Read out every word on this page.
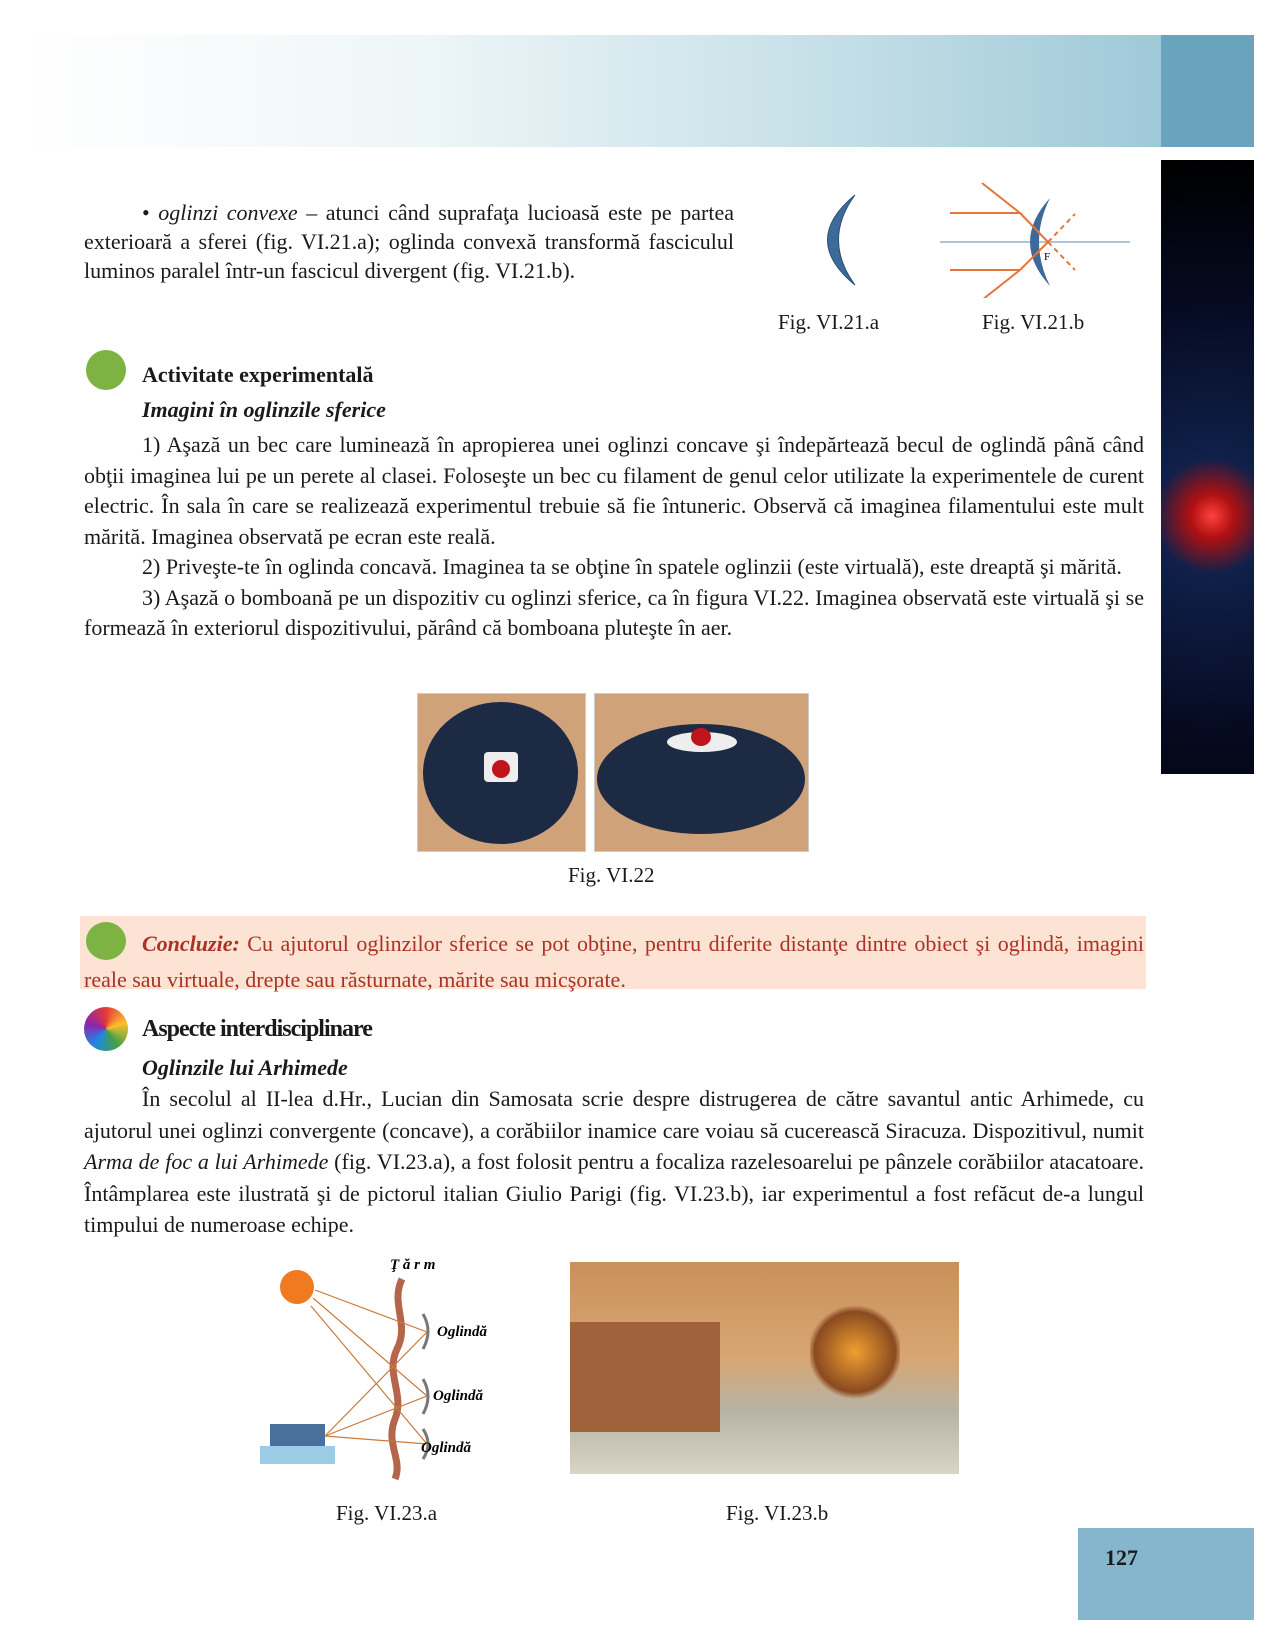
• oglinzi convexe – atunci când suprafaţa lucioasă este pe partea exterioară a sferei (fig. VI.21.a); oglinda convexă transformă fasciculul luminos paralel într-un fascicul divergent (fig. VI.21.b).

F
Fig. VI.21.a	Fig. VI.21.b
Activitate experimentală
Imagini în oglinzile sferice

1) Aşază un bec care luminează în apropierea unei oglinzi concave şi îndepărtează becul de oglindă până când obţii imaginea lui pe un perete al clasei. Foloseşte un bec cu filament de genul celor utilizate la experimentele de curent electric. În sala în care se realizează experimentul trebuie să fie întuneric. Observă că imaginea filamentului este mult mărită. Imaginea observată pe ecran este reală.

2) Priveşte-te în oglinda concavă. Imaginea ta se obţine în spatele oglinzii (este virtuală), este dreaptă şi mărită.

3) Aşază o bomboană pe un dispozitiv cu oglinzi sferice, ca în figura VI.22. Imaginea observată este virtuală şi se formează în exteriorul dispozitivului, părând că bomboana pluteşte în aer.

Fig. VI.22
Concluzie: Cu ajutorul oglinzilor sferice se pot obţine, pentru diferite distanţe dintre obiect şi oglindă, imagini reale sau virtuale, drepte sau răsturnate, mărite sau micşorate.
Aspecte interdisciplinare
Oglinzile lui Arhimede
În secolul al II-lea d.Hr., Lucian din Samosata scrie despre distrugerea de către savantul antic Arhimede, cu ajutorul unei oglinzi convergente (concave), a corăbiilor inamice care voiau să cucerească Siracuza. Dispozitivul, numit Arma de foc a lui Arhimede (fig. VI.23.a), a fost folosit pentru a focaliza razelesoarelui pe pânzele corăbiilor atacatoare. Întâmplarea este ilustrată şi de pictorul italian Giulio Parigi (fig. VI.23.b), iar experimentul a fost refăcut de-a lungul timpului de numeroase echipe.
Ţ ă r m
Oglindă
Oglindă
Oglindă
Fig. VI.23.a	Fig. VI.23.b
127
